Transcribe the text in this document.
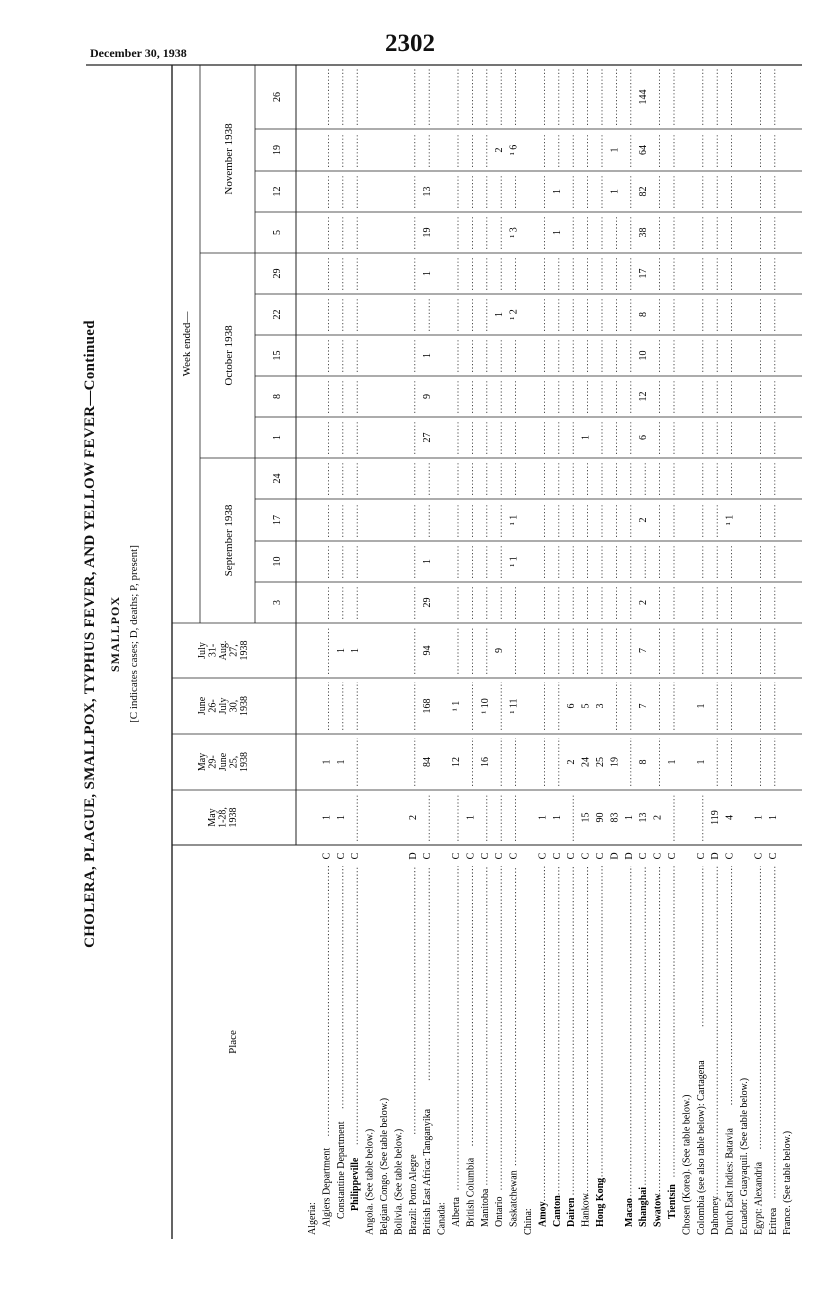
December 30, 1938	2302
CHOLERA, PLAGUE, SMALLPOX, TYPHUS FEVER, AND YELLOW FEVER—Continued SMALLPOX [C indicates cases; D, deaths; P, present]
Place
May 1-28, 1938
May 29- June 25, 1938
June 26- July 30, 1938
July 31- Aug. 27, 1938
Week ended—
September 1938
October 1938
November 1938
3
10
17
24
1
8
15
22
29
5
12
19
26
Algeria: Algiers Department
C
1
1
Constantine Department
C
1
1
1
Philippeville
C
1
Angola. (See table below.) Belgian Congo. (See table below.) Bolivia. (See table below.) Brazil: Porto Alegre
D
2
British East Africa: Tanganyika
C
84
168
94
29
1
27
9
1
1
19
13
Canada: Alberta
C
12
¹ 1
British Columbia
C
1
Manitoba
C
16
¹ 10
Ontario
C
9
1
2
Saskatchewan
C
¹ 11
¹ 1
¹ 1
¹ 2
¹ 3
¹ 6
China: Amoy
C
1
Canton
C
1
1
1
Dairen
C
2
6
Hankow
C
15
24
5
1
Hong Kong
C
90
25
3
D
83
19
1
1
Macao
D
1
Shanghai
C
13
8
7
7
2
2
6
12
10
8
17
38
82
64
144
Swatow
C
2
Tientsin
C
1
Chosen (Korea). (See table below.) Colombia (see also table below): Cartagena
C
1
1
Dahomey
D
119
Dutch East Indies: Batavia
C
4
¹ 1
Ecuador: Guayaquil. (See table below.) Egypt: Alexandria
C
1
Eritrea
C
1
France. (See table below.)
